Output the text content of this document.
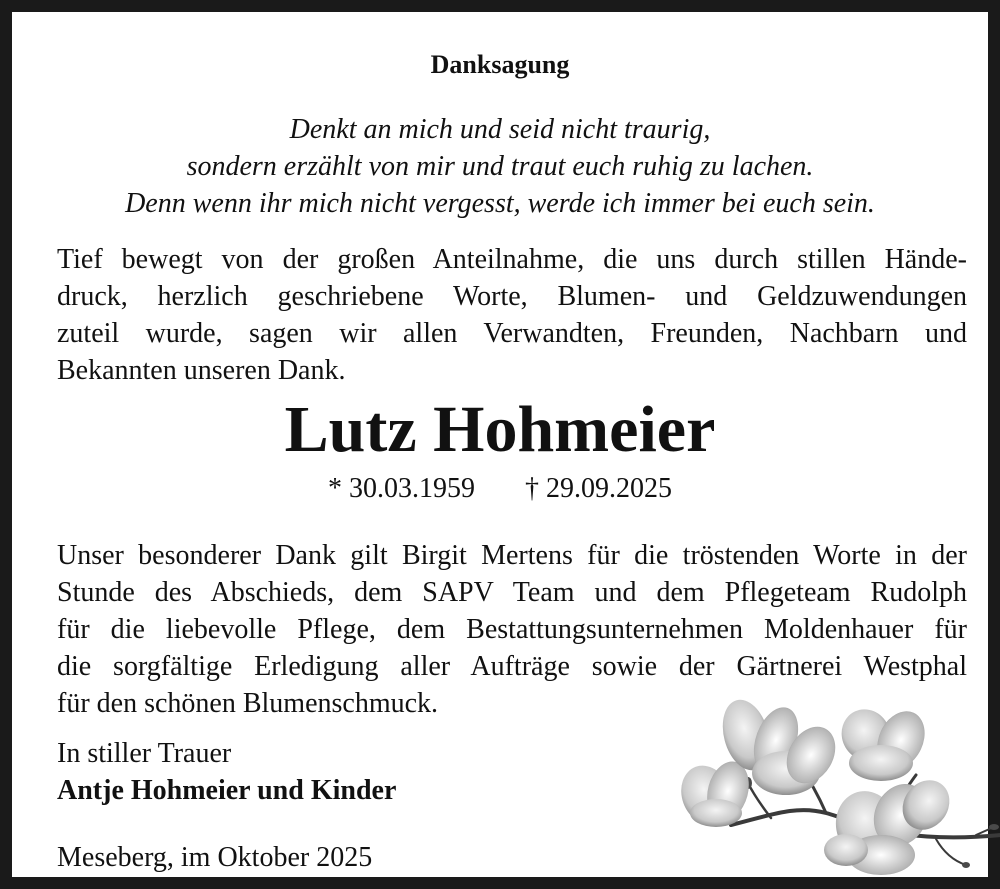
Danksagung
Denkt an mich und seid nicht traurig,
sondern erzählt von mir und traut euch ruhig zu lachen.
Denn wenn ihr mich nicht vergesst, werde ich immer bei euch sein.
Tief bewegt von der großen Anteilnahme, die uns durch stillen Hände-
druck, herzlich geschriebene Worte, Blumen- und Geldzuwendungen
zuteil wurde, sagen wir allen Verwandten, Freunden, Nachbarn und
Bekannten unseren Dank.
Lutz Hohmeier
* 30.03.1959 † 29.09.2025
Unser besonderer Dank gilt Birgit Mertens für die tröstenden Worte in der
Stunde des Abschieds, dem SAPV Team und dem Pflegeteam Rudolph
für die liebevolle Pflege, dem Bestattungsunternehmen Moldenhauer für
die sorgfältige Erledigung aller Aufträge sowie der Gärtnerei Westphal
für den schönen Blumenschmuck.
In stiller Trauer
Antje Hohmeier und Kinder
Meseberg, im Oktober 2025
